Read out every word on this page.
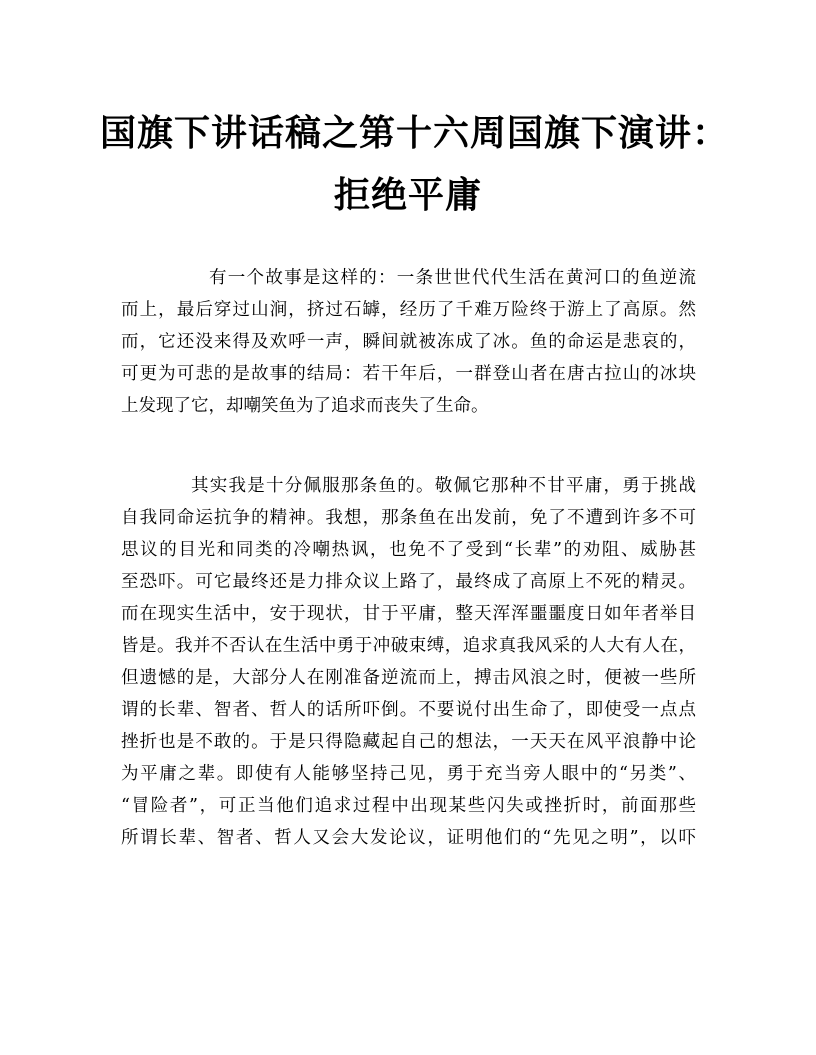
国旗下讲话稿之第十六周国旗下演讲：
拒绝平庸
有一个故事是这样的：一条世世代代生活在黄河口的鱼逆流
而上，最后穿过山涧，挤过石罅，经历了千难万险终于游上了高原。然
而，它还没来得及欢呼一声，瞬间就被冻成了冰。鱼的命运是悲哀的，
可更为可悲的是故事的结局：若干年后，一群登山者在唐古拉山的冰块
上发现了它，却嘲笑鱼为了追求而丧失了生命。
其实我是十分佩服那条鱼的。敬佩它那种不甘平庸，勇于挑战
自我同命运抗争的精神。我想，那条鱼在出发前，免了不遭到许多不可
思议的目光和同类的冷嘲热讽，也免不了受到“长辈”的劝阻、威胁甚
至恐吓。可它最终还是力排众议上路了，最终成了高原上不死的精灵。
而在现实生活中，安于现状，甘于平庸，整天浑浑噩噩度日如年者举目
皆是。我并不否认在生活中勇于冲破束缚，追求真我风采的人大有人在，
但遗憾的是，大部分人在刚准备逆流而上，搏击风浪之时，便被一些所
谓的长辈、智者、哲人的话所吓倒。不要说付出生命了，即使受一点点
挫折也是不敢的。于是只得隐藏起自己的想法，一天天在风平浪静中论
为平庸之辈。即使有人能够坚持己见，勇于充当旁人眼中的“另类”、
“冒险者”，可正当他们追求过程中出现某些闪失或挫折时，前面那些
所谓长辈、智者、哲人又会大发论议，证明他们的“先见之明”，以吓
